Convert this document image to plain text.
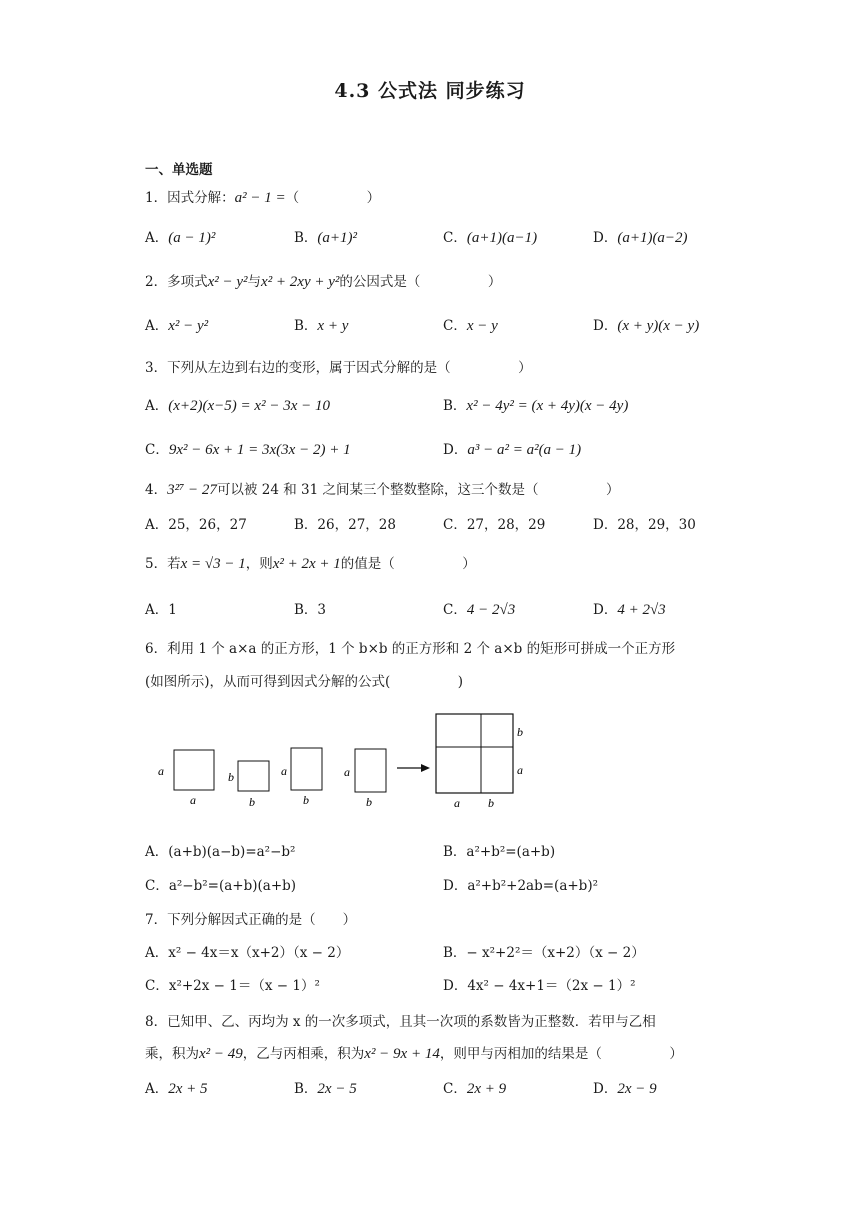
4.3 公式法 同步练习
一、单选题
1．因式分解：a² − 1 =（　　　　　）
A．(a − 1)²	B．(a+1)²	C．(a+1)(a−1)	D．(a+1)(a−2)
2．多项式x² − y²与x² + 2xy + y²的公因式是（　　　　　）
A．x² − y²	B．x + y	C．x − y	D．(x + y)(x − y)
3．下列从左边到右边的变形，属于因式分解的是（　　　　　）
A．(x+2)(x−5) = x² − 3x − 10	B．x² − 4y² = (x + 4y)(x − 4y)
C．9x² − 6x + 1 = 3x(3x − 2) + 1	D．a³ − a² = a²(a − 1)
4．3²⁷ − 27可以被 24 和 31 之间某三个整数整除，这三个数是（　　　　　）
A．25，26，27	B．26，27，28	C．27，28，29	D．28，29，30
5．若x = √3 − 1，则x² + 2x + 1的值是（　　　　　）
A．1	B．3	C．4 − 2√3	D．4 + 2√3
6．利用 1 个 a×a 的正方形，1 个 b×b 的正方形和 2 个 a×b 的矩形可拼成一个正方形
(如图所示)，从而可得到因式分解的公式(　　　　　)
a
a
b
b
a
b
a
b
b
a
a b
A．(a+b)(a−b)=a²−b²	B．a²+b²=(a+b)
C．a²−b²=(a+b)(a+b)	D．a²+b²+2ab=(a+b)²
7．下列分解因式正确的是（　　）
A．x² − 4x＝x（x+2）（x − 2）	B．− x²+2²＝（x+2）（x − 2）
C．x²+2x − 1＝（x − 1）²	D．4x² − 4x+1＝（2x − 1）²
8．已知甲、乙、丙均为 x 的一次多项式，且其一次项的系数皆为正整数．若甲与乙相
乘，积为x² − 49，乙与丙相乘，积为x² − 9x + 14，则甲与丙相加的结果是（　　　　　）
A．2x + 5	B．2x − 5	C．2x + 9	D．2x − 9
